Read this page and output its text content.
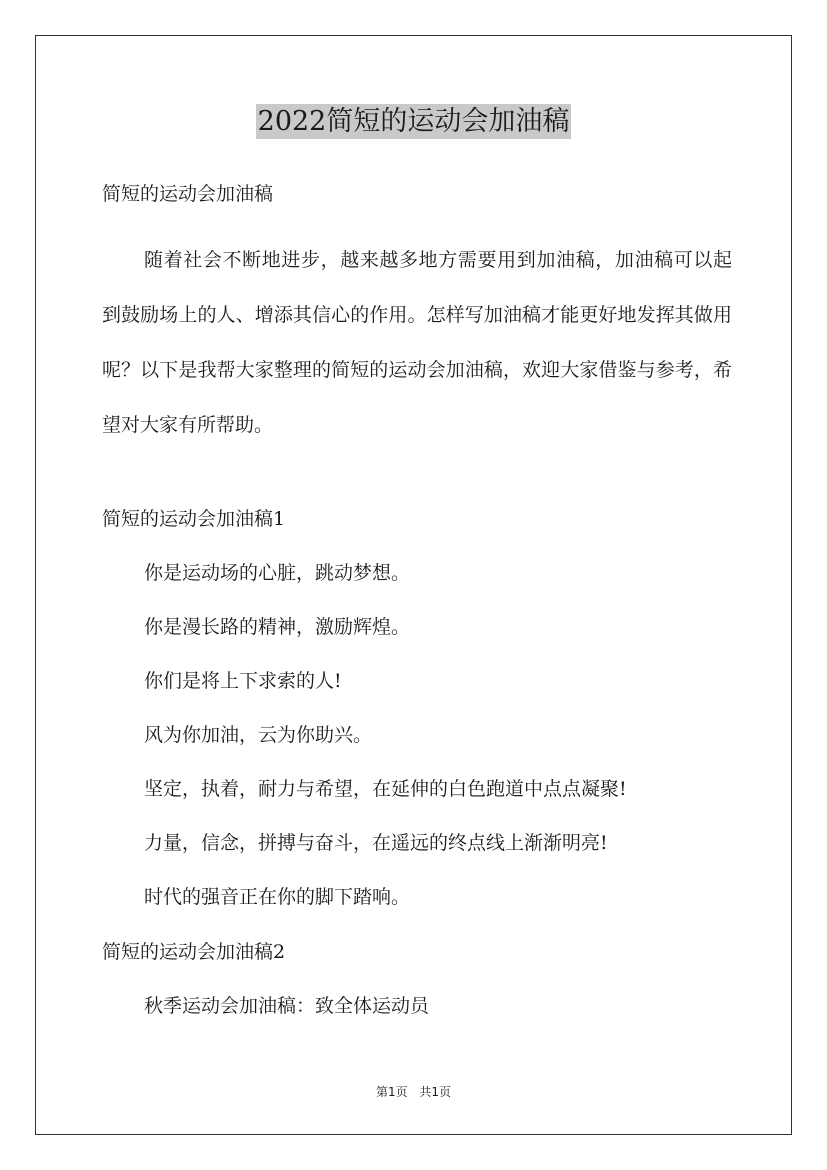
2022简短的运动会加油稿
简短的运动会加油稿
随着社会不断地进步，越来越多地方需要用到加油稿，加油稿可以起到鼓励场上的人、增添其信心的作用。怎样写加油稿才能更好地发挥其做用呢？以下是我帮大家整理的简短的运动会加油稿，欢迎大家借鉴与参考，希望对大家有所帮助。
简短的运动会加油稿1
你是运动场的心脏，跳动梦想。
你是漫长路的精神，激励辉煌。
你们是将上下求索的人!
风为你加油，云为你助兴。
坚定，执着，耐力与希望，在延伸的白色跑道中点点凝聚!
力量，信念，拼搏与奋斗，在遥远的终点线上渐渐明亮!
时代的强音正在你的脚下踏响。
简短的运动会加油稿2
秋季运动会加油稿：致全体运动员
第1页 共1页
